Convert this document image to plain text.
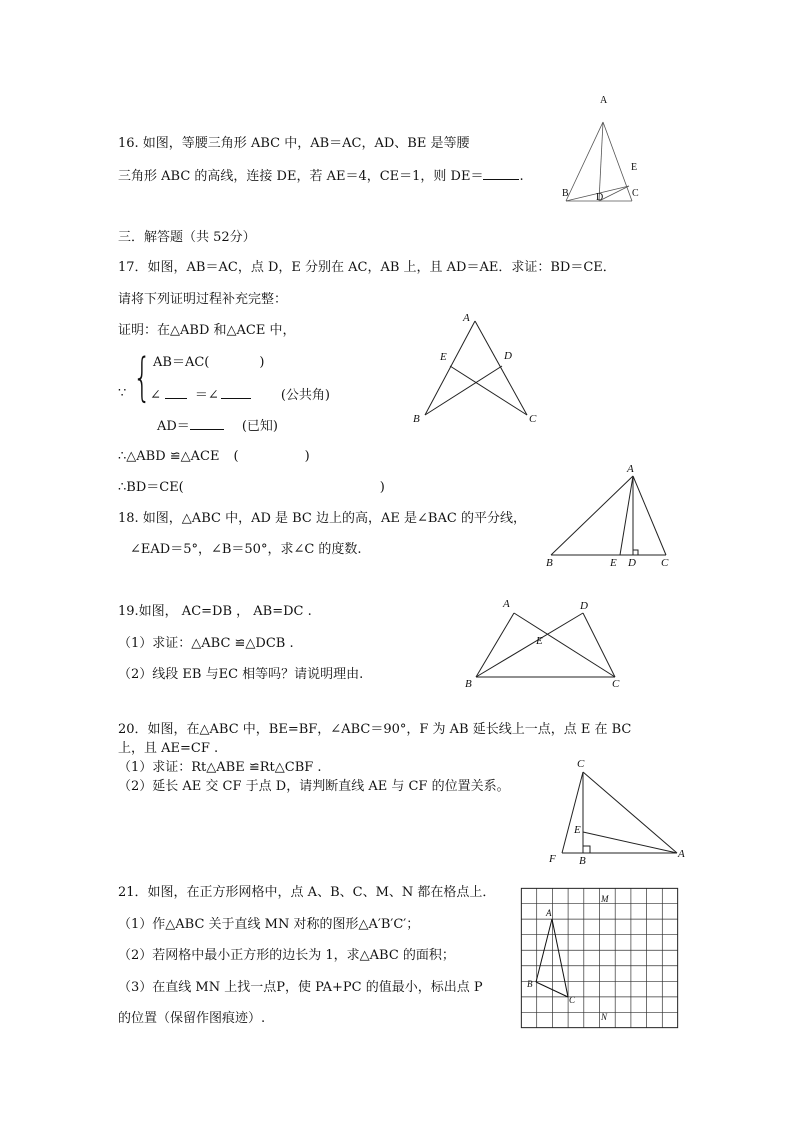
16. 如图，等腰三角形 ABC 中，AB＝AC，AD、BE 是等腰
三角形 ABC 的高线，连接 DE，若 AE＝4，CE＝1，则 DE＝	.
A
E
B	D	C
三．解答题（共 52分）
17．如图，AB＝AC，点 D，E 分别在 AC，AB 上，且 AD＝AE．求证：BD＝CE．
请将下列证明过程补充完整：
证明：在△ABD 和△ACE 中，
∵ { AB＝AC(	)
∠	＝∠	(公共角)
AD＝	(已知)
∴△ABD ≌△ACE (                )
∴BD＝CE(	)
A
E	D
B	C
18. 如图，△ABC 中，AD 是 BC 边上的高，AE 是∠BAC 的平分线，
∠EAD＝5°，∠B＝50°，求∠C 的度数.
A
B	E D C
19.如图， AC=DB ， AB=DC .
（1）求证：△ABC ≌△DCB .
（2）线段 EB 与EC 相等吗？请说明理由.
A	D
E
B	C
20．如图，在△ABC 中，BE=BF，∠ABC＝90°，F 为 AB 延长线上一点，点 E 在 BC
上，且 AE=CF .
（1）求证：Rt△ABE ≌Rt△CBF .
（2）延长 AE 交 CF 于点 D，请判断直线 AE 与 CF 的位置关系。
C
E
F B
A
21．如图，在正方形网格中，点 A、B、C、M、N 都在格点上．
（1）作△ABC 关于直线 MN 对称的图形△A′B′C′；
（2）若网格中最小正方形的边长为 1，求△ABC 的面积；
（3）在直线 MN 上找一点P，使 PA+PC 的值最小，标出点 P
的位置（保留作图痕迹）.
A
B
C
M
N
